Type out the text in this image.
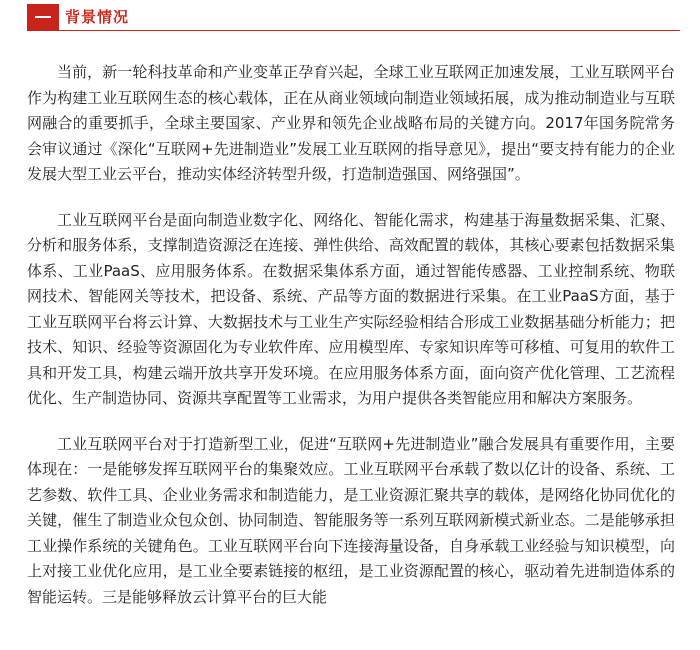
背景情况

当前，新一轮科技革命和产业变革正孕育兴起，全球工业互联网正加速发展，工业互联网平台作为构建工业互联网生态的核心载体，正在从商业领域向制造业领域拓展，成为推动制造业与互联网融合的重要抓手，全球主要国家、产业界和领先企业战略布局的关键方向。2017年国务院常务会审议通过《深化“互联网+先进制造业”发展工业互联网的指导意见》，提出“要支持有能力的企业发展大型工业云平台，推动实体经济转型升级，打造制造强国、网络强国”。

工业互联网平台是面向制造业数字化、网络化、智能化需求，构建基于海量数据采集、汇聚、分析和服务体系，支撑制造资源泛在连接、弹性供给、高效配置的载体，其核心要素包括数据采集体系、工业PaaS、应用服务体系。在数据采集体系方面，通过智能传感器、工业控制系统、物联网技术、智能网关等技术，把设备、系统、产品等方面的数据进行采集。在工业PaaS方面，基于工业互联网平台将云计算、大数据技术与工业生产实际经验相结合形成工业数据基础分析能力；把技术、知识、经验等资源固化为专业软件库、应用模型库、专家知识库等可移植、可复用的软件工具和开发工具，构建云端开放共享开发环境。在应用服务体系方面，面向资产优化管理、工艺流程优化、生产制造协同、资源共享配置等工业需求，为用户提供各类智能应用和解决方案服务。

工业互联网平台对于打造新型工业，促进“互联网+先进制造业”融合发展具有重要作用，主要体现在：一是能够发挥互联网平台的集聚效应。工业互联网平台承载了数以亿计的设备、系统、工艺参数、软件工具、企业业务需求和制造能力，是工业资源汇聚共享的载体，是网络化协同优化的关键，催生了制造业众包众创、协同制造、智能服务等一系列互联网新模式新业态。二是能够承担工业操作系统的关键角色。工业互联网平台向下连接海量设备，自身承载工业经验与知识模型，向上对接工业优化应用，是工业全要素链接的枢纽，是工业资源配置的核心，驱动着先进制造体系的智能运转。三是能够释放云计算平台的巨大能
